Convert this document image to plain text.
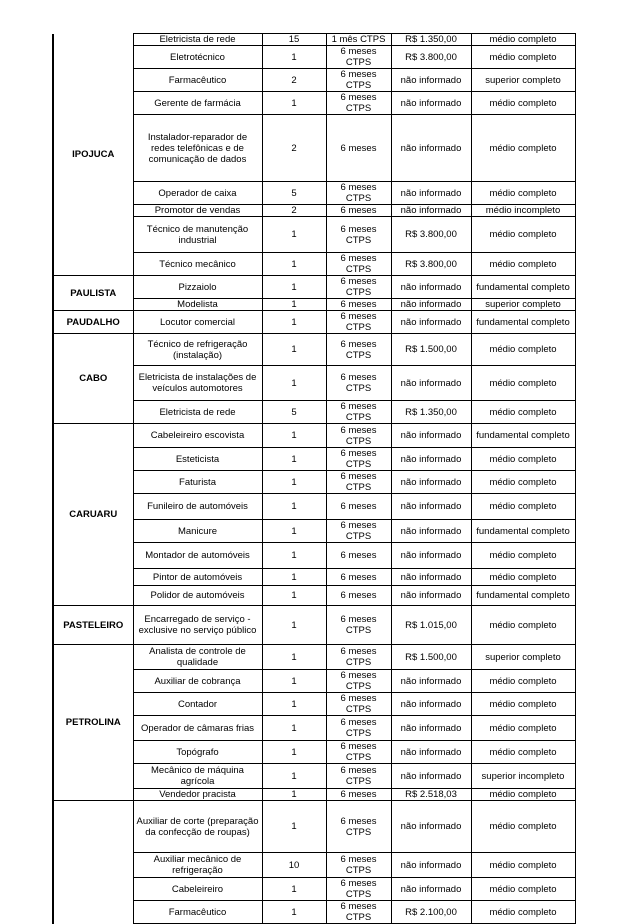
IPOJUCA	Eletricista de rede	15	1 mês CTPS	R$ 1.350,00	médio completo
	Eletrotécnico	1	6 meses CTPS	R$ 3.800,00	médio completo
	Farmacêutico	2	6 meses CTPS	não informado	superior completo
	Gerente de farmácia	1	6 meses CTPS	não informado	médio completo
	Instalador-reparador de redes telefônicas e de comunicação de dados	2	6 meses	não informado	médio completo
	Operador de caixa	5	6 meses CTPS	não informado	médio completo
	Promotor de vendas	2	6 meses	não informado	médio incompleto
	Técnico de manutenção industrial	1	6 meses CTPS	R$ 3.800,00	médio completo
	Técnico mecânico	1	6 meses CTPS	R$ 3.800,00	médio completo
PAULISTA	Pizzaiolo	1	6 meses CTPS	não informado	fundamental completo
	Modelista	1	6 meses	não informado	superior completo
PAUDALHO	Locutor comercial	1	6 meses CTPS	não informado	fundamental completo
CABO	Técnico de refrigeração (instalação)	1	6 meses CTPS	R$ 1.500,00	médio completo
	Eletricista de instalações de veículos automotores	1	6 meses CTPS	não informado	médio completo
	Eletricista de rede	5	6 meses CTPS	R$ 1.350,00	médio completo
CARUARU	Cabeleireiro escovista	1	6 meses CTPS	não informado	fundamental completo
	Esteticista	1	6 meses CTPS	não informado	médio completo
	Faturista	1	6 meses CTPS	não informado	médio completo
	Funileiro de automóveis	1	6 meses	não informado	médio completo
	Manicure	1	6 meses CTPS	não informado	fundamental completo
	Montador de automóveis	1	6 meses	não informado	médio completo
	Pintor de automóveis	1	6 meses	não informado	médio completo
	Polidor de automóveis	1	6 meses	não informado	fundamental completo
PASTELEIRO	Encarregado de serviço - exclusive no serviço público	1	6 meses CTPS	R$ 1.015,00	médio completo
PETROLINA	Analista de controle de qualidade	1	6 meses CTPS	R$ 1.500,00	superior completo
	Auxiliar de cobrança	1	6 meses CTPS	não informado	médio completo
	Contador	1	6 meses CTPS	não informado	médio completo
	Operador de câmaras frias	1	6 meses CTPS	não informado	médio completo
	Topógrafo	1	6 meses CTPS	não informado	médio completo
	Mecânico de máquina agrícola	1	6 meses CTPS	não informado	superior incompleto
	Vendedor pracista	1	6 meses	R$ 2.518,03	médio completo
	Auxiliar de corte (preparação da confecção de roupas)	1	6 meses CTPS	não informado	médio completo
	Auxiliar mecânico de refrigeração	10	6 meses CTPS	não informado	médio completo
	Cabeleireiro	1	6 meses CTPS	não informado	médio completo
	Farmacêutico	1	6 meses CTPS	R$ 2.100,00	médio completo
